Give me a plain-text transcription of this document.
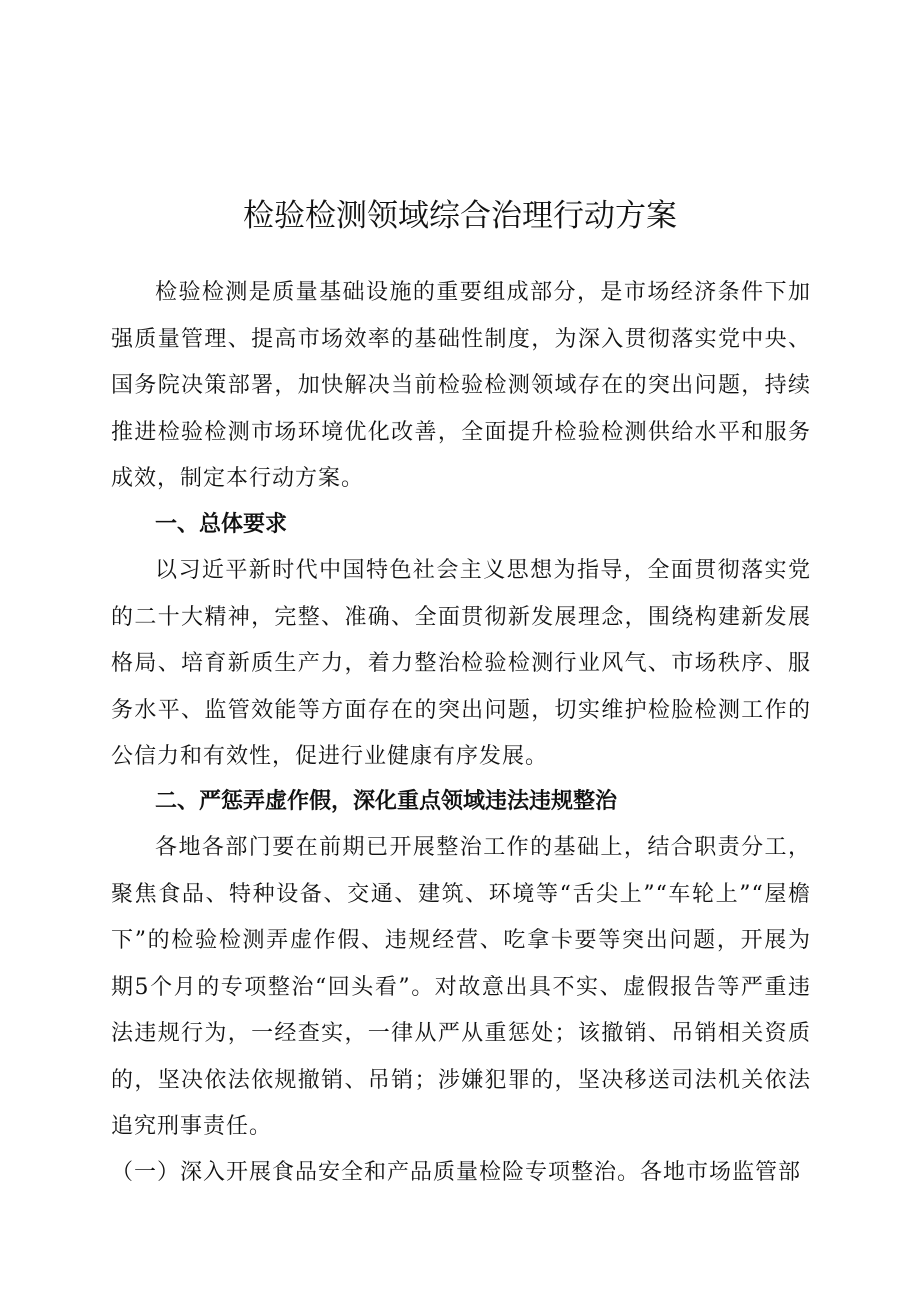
检验检测领域综合治理行动方案

检验检测是质量基础设施的重要组成部分，是市场经济条件下加强质量管理、提高市场效率的基础性制度，为深入贯彻落实党中央、国务院决策部署，加快解决当前检验检测领域存在的突出问题，持续推进检验检测市场环境优化改善，全面提升检验检测供给水平和服务成效，制定本行动方案。

一、总体要求

以习近平新时代中国特色社会主义思想为指导，全面贯彻落实党的二十大精神，完整、准确、全面贯彻新发展理念，围绕构建新发展格局、培育新质生产力，着力整治检验检测行业风气、市场秩序、服务水平、监管效能等方面存在的突出问题，切实维护检脸检测工作的公信力和有效性，促进行业健康有序发展。

二、严惩弄虚作假，深化重点领域违法违规整治

各地各部门要在前期已开展整治工作的基础上，结合职责分工，聚焦食品、特种设备、交通、建筑、环境等“舌尖上”“车轮上”“屋檐下”的检验检测弄虚作假、违规经营、吃拿卡要等突出问题，开展为期5个月的专项整治“回头看”。对故意出具不实、虚假报告等严重违法违规行为，一经查实，一律从严从重惩处；该撤销、吊销相关资质的，坚决依法依规撤销、吊销；涉嫌犯罪的，坚决移送司法机关依法追究刑事责任。

（一）深入开展食品安全和产品质量检险专项整治。各地市场监管部
